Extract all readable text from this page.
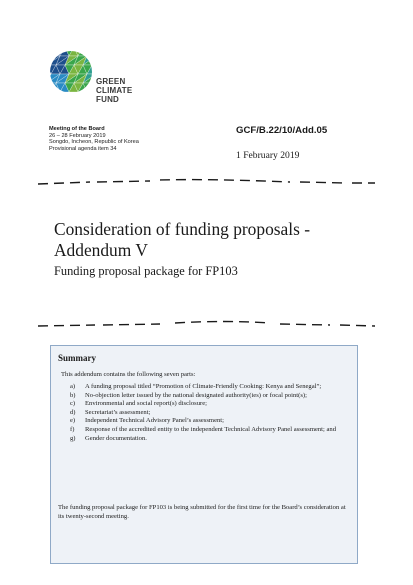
GREEN
CLIMATE
FUND
Meeting of the Board
26 – 28 February 2019
Songdo, Incheon, Republic of Korea
Provisional agenda item 34
GCF/B.22/10/Add.05
1 February 2019
Consideration of funding proposals - Addendum V
Funding proposal package for FP103
Summary
This addendum contains the following seven parts:
a) A funding proposal titled “Promotion of Climate-Friendly Cooking: Kenya and Senegal”;
b) No-objection letter issued by the national designated authority(ies) or focal point(s);
c) Environmental and social report(s) disclosure;
d) Secretariat’s assessment;
e) Independent Technical Advisory Panel’s assessment;
f) Response of the accredited entity to the independent Technical Advisory Panel assessment; and
g) Gender documentation.
The funding proposal package for FP103 is being submitted for the first time for the Board’s consideration at its twenty-second meeting.
